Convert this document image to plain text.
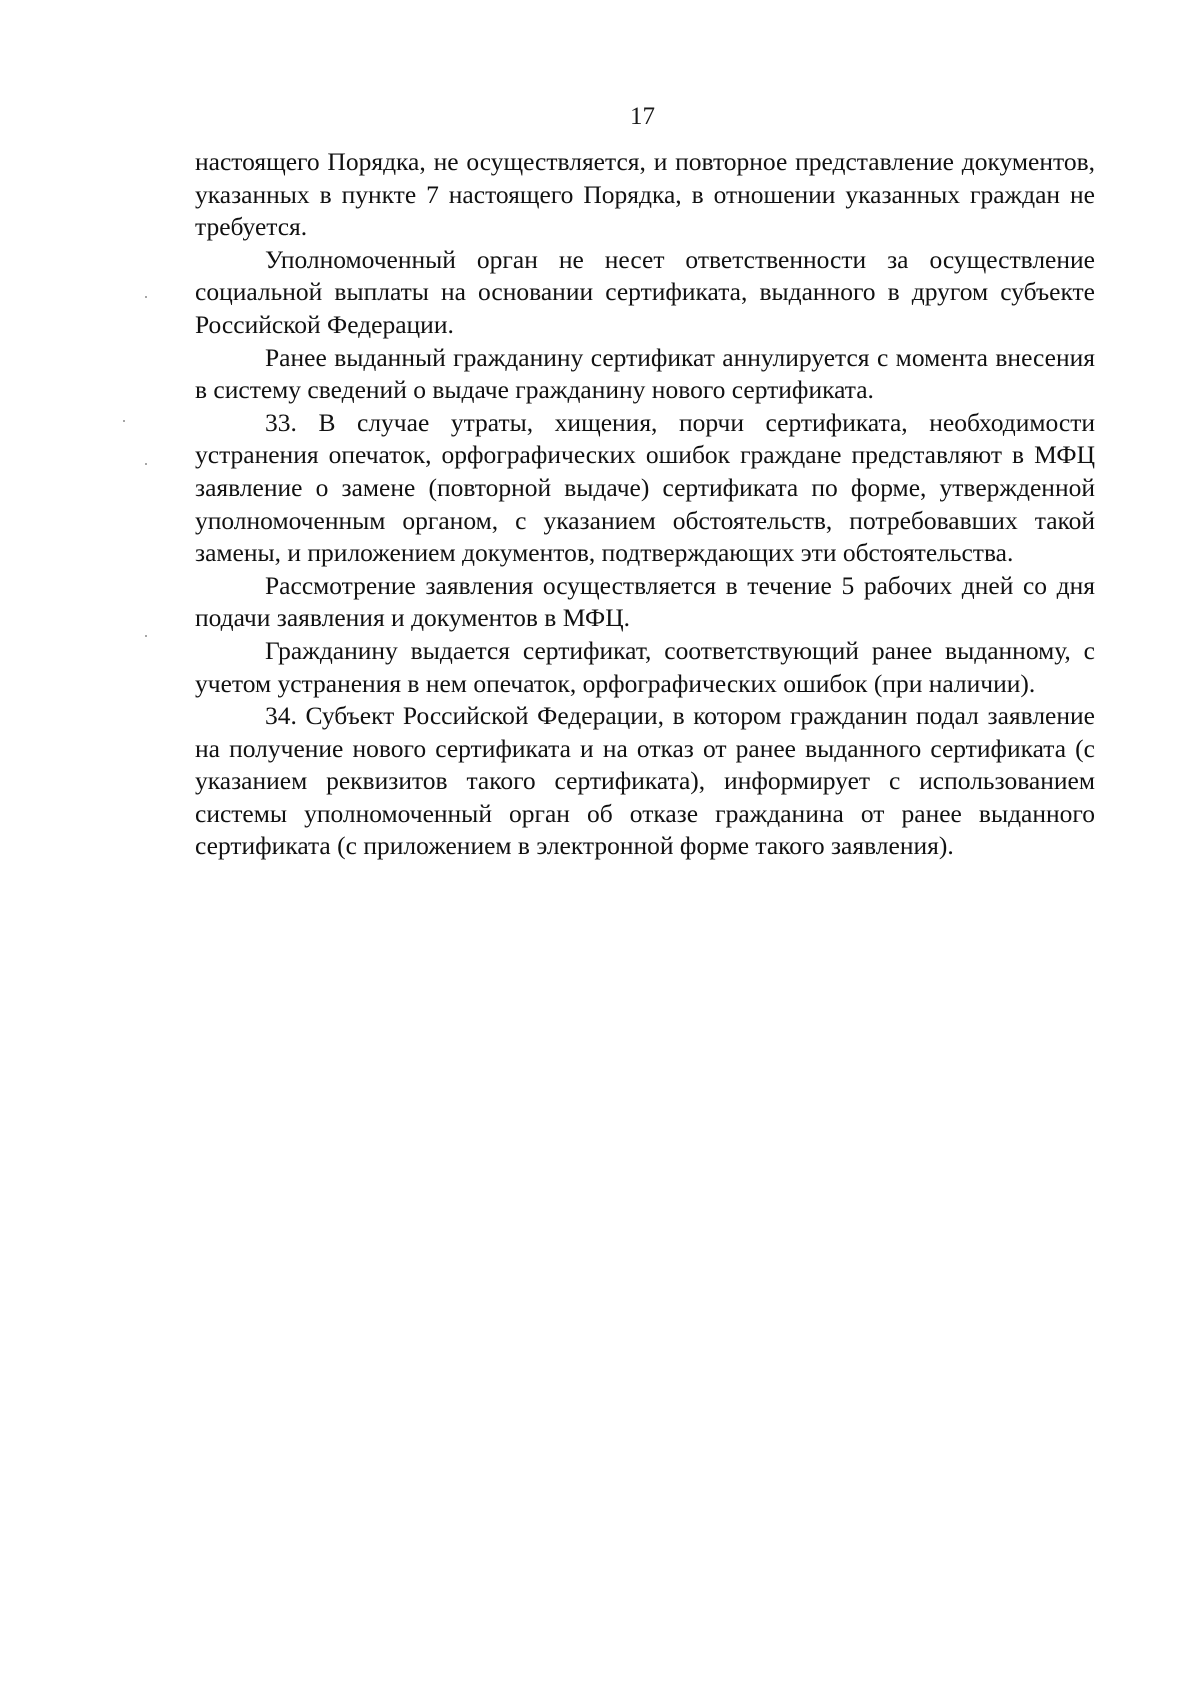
17

настоящего Порядка, не осуществляется, и повторное представление документов, указанных в пункте 7 настоящего Порядка, в отношении указанных граждан не требуется.

Уполномоченный орган не несет ответственности за осуществление социальной выплаты на основании сертификата, выданного в другом субъекте Российской Федерации.

Ранее выданный гражданину сертификат аннулируется с момента внесения в систему сведений о выдаче гражданину нового сертификата.

33. В случае утраты, хищения, порчи сертификата, необходимости устранения опечаток, орфографических ошибок граждане представляют в МФЦ заявление о замене (повторной выдаче) сертификата по форме, утвержденной уполномоченным органом, с указанием обстоятельств, потребовавших такой замены, и приложением документов, подтверждающих эти обстоятельства.

Рассмотрение заявления осуществляется в течение 5 рабочих дней со дня подачи заявления и документов в МФЦ.

Гражданину выдается сертификат, соответствующий ранее выданному, с учетом устранения в нем опечаток, орфографических ошибок (при наличии).

34. Субъект Российской Федерации, в котором гражданин подал заявление на получение нового сертификата и на отказ от ранее выданного сертификата (с указанием реквизитов такого сертификата), информирует с использованием системы уполномоченный орган об отказе гражданина от ранее выданного сертификата (с приложением в электронной форме такого заявления).
